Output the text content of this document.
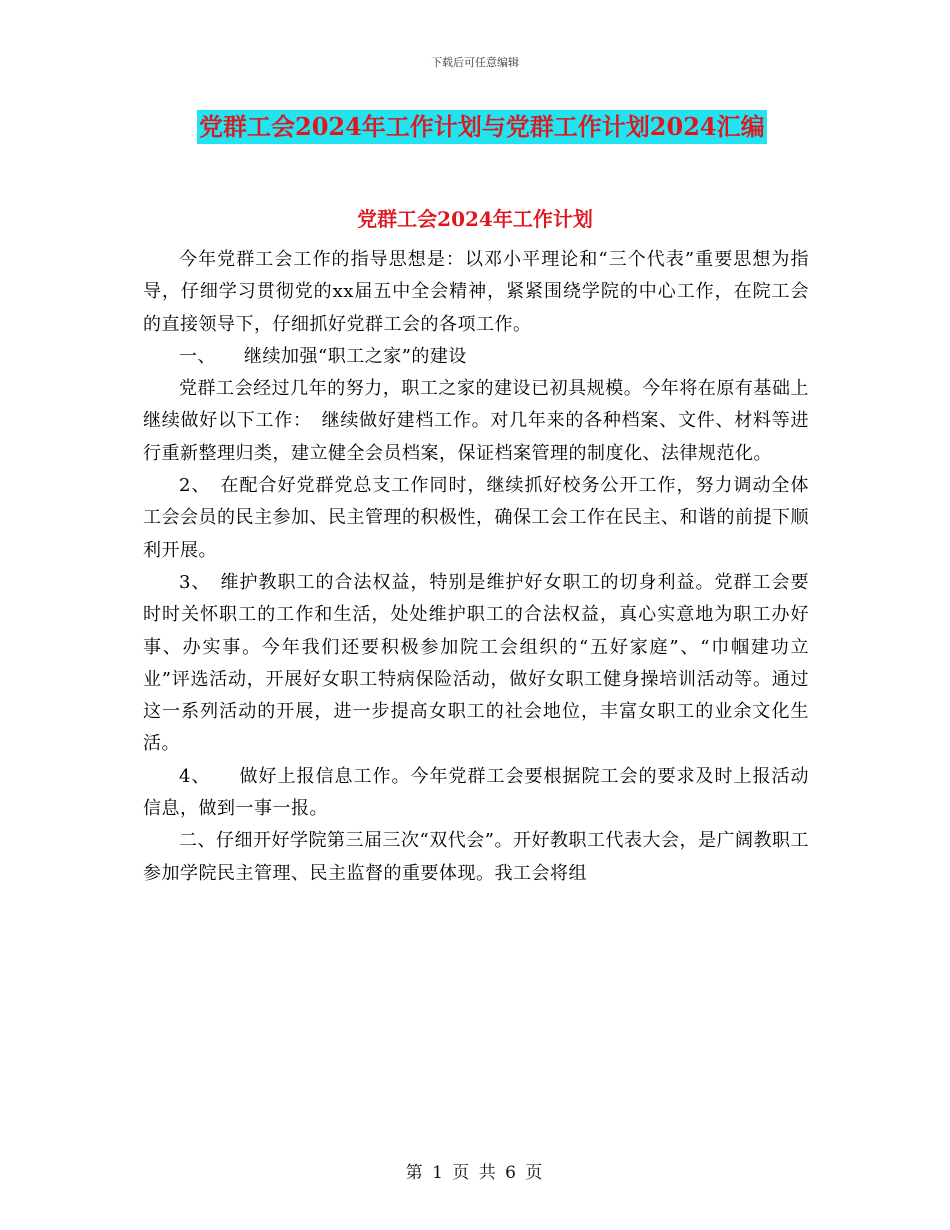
下载后可任意编辑
党群工会2024年工作计划与党群工作计划2024汇编
党群工会2024年工作计划

今年党群工会工作的指导思想是：以邓小平理论和“三个代表”重要思想为指导，仔细学习贯彻党的xx届五中全会精神，紧紧围绕学院的中心工作，在院工会的直接领导下，仔细抓好党群工会的各项工作。

一、　　继续加强“职工之家”的建设

党群工会经过几年的努力，职工之家的建设已初具规模。今年将在原有基础上继续做好以下工作：　继续做好建档工作。对几年来的各种档案、文件、材料等进行重新整理归类，建立健全会员档案，保证档案管理的制度化、法律规范化。

2、　在配合好党群党总支工作同时，继续抓好校务公开工作，努力调动全体工会会员的民主参加、民主管理的积极性，确保工会工作在民主、和谐的前提下顺利开展。

3、　维护教职工的合法权益，特别是维护好女职工的切身利益。党群工会要时时关怀职工的工作和生活，处处维护职工的合法权益，真心实意地为职工办好事、办实事。今年我们还要积极参加院工会组织的“五好家庭”、“巾帼建功立业”评选活动，开展好女职工特病保险活动，做好女职工健身操培训活动等。通过这一系列活动的开展，进一步提高女职工的社会地位，丰富女职工的业余文化生活。

4、　　做好上报信息工作。今年党群工会要根据院工会的要求及时上报活动信息，做到一事一报。

二、仔细开好学院第三届三次“双代会”。开好教职工代表大会，是广阔教职工参加学院民主管理、民主监督的重要体现。我工会将组

第 1 页 共 6 页
